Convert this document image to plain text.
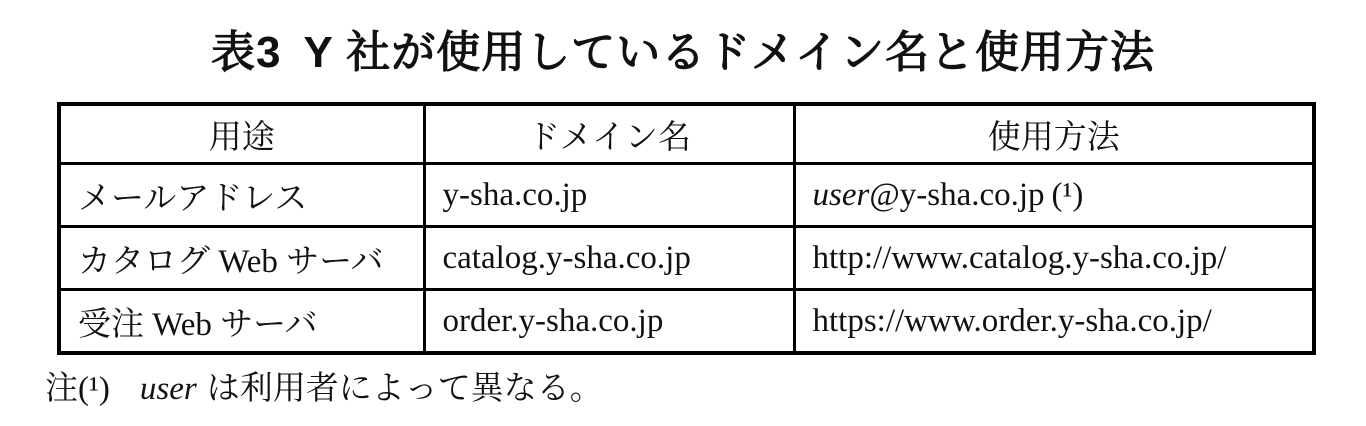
表3 Y 社が使用しているドメイン名と使用方法
用途	ドメイン名	使用方法
メールアドレス	y-sha.co.jp	user@y-sha.co.jp (¹)
カタログ Web サーバ	catalog.y-sha.co.jp	http://www.catalog.y-sha.co.jp/
受注 Web サーバ	order.y-sha.co.jp	https://www.order.y-sha.co.jp/
注(¹) user は利用者によって異なる。
